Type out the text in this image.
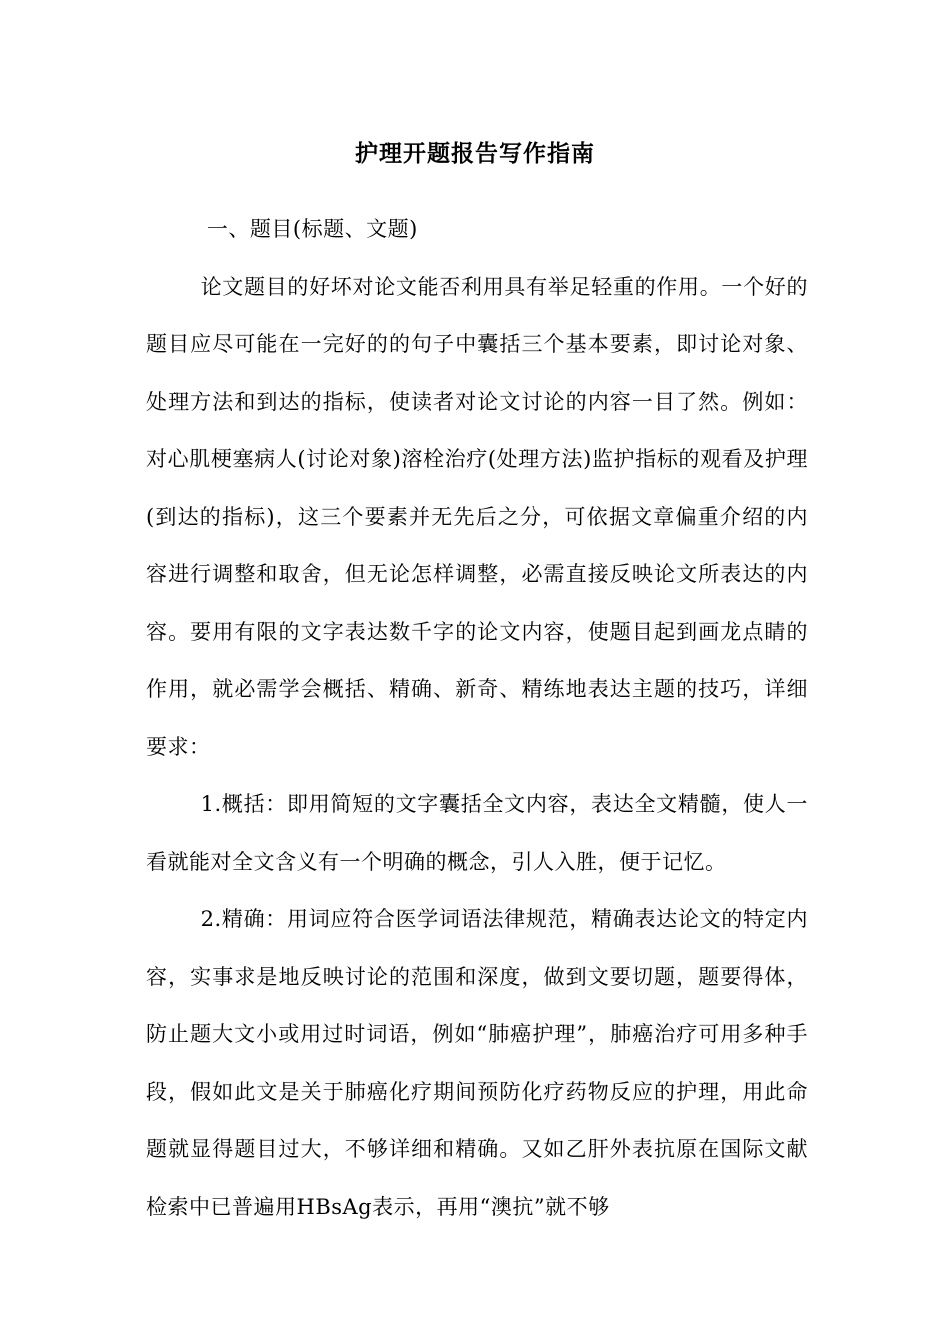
护理开题报告写作指南

一、题目(标题、文题)

论文题目的好坏对论文能否利用具有举足轻重的作用。一个好的题目应尽可能在一完好的的句子中囊括三个基本要素，即讨论对象、处理方法和到达的指标，使读者对论文讨论的内容一目了然。例如：对心肌梗塞病人(讨论对象)溶栓治疗(处理方法)监护指标的观看及护理(到达的指标)，这三个要素并无先后之分，可依据文章偏重介绍的内容进行调整和取舍，但无论怎样调整，必需直接反映论文所表达的内容。要用有限的文字表达数千字的论文内容，使题目起到画龙点睛的作用，就必需学会概括、精确、新奇、精练地表达主题的技巧，详细要求：

1.概括：即用简短的文字囊括全文内容，表达全文精髓，使人一看就能对全文含义有一个明确的概念，引人入胜，便于记忆。

2.精确：用词应符合医学词语法律规范，精确表达论文的特定内容，实事求是地反映讨论的范围和深度，做到文要切题，题要得体，防止题大文小或用过时词语，例如“肺癌护理”，肺癌治疗可用多种手段，假如此文是关于肺癌化疗期间预防化疗药物反应的护理，用此命题就显得题目过大，不够详细和精确。又如乙肝外表抗原在国际文献检索中已普遍用HBsAg表示，再用“澳抗”就不够
